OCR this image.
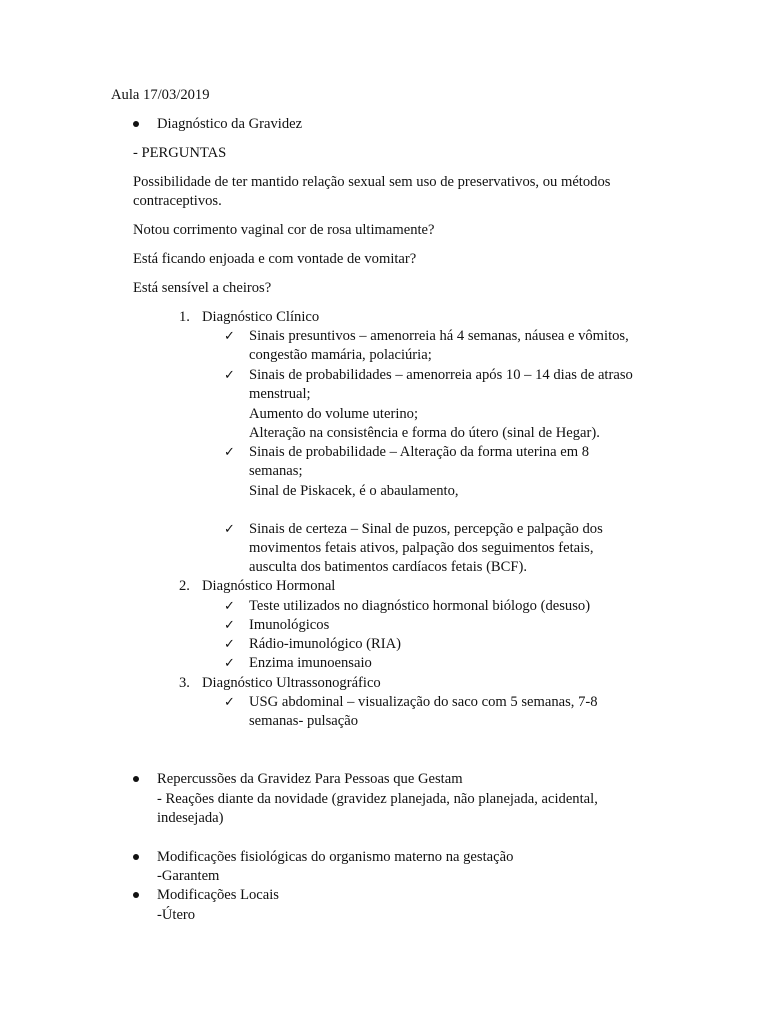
Aula 17/03/2019
Diagnóstico da Gravidez
- PERGUNTAS
Possibilidade de ter mantido relação sexual sem uso de preservativos, ou métodos
contraceptivos.
Notou corrimento vaginal cor de rosa ultimamente?
Está ficando enjoada e com vontade de vomitar?
Está sensível a cheiros?
1. Diagnóstico Clínico
✓ Sinais presuntivos – amenorreia há 4 semanas, náusea e vômitos,
congestão mamária, polaciúria;
✓ Sinais de probabilidades – amenorreia após 10 – 14 dias de atraso
menstrual;
Aumento do volume uterino;
Alteração na consistência e forma do útero (sinal de Hegar).
✓ Sinais de probabilidade – Alteração da forma uterina em 8
semanas;
Sinal de Piskacek, é o abaulamento,
✓ Sinais de certeza – Sinal de puzos, percepção e palpação dos
movimentos fetais ativos, palpação dos seguimentos fetais,
ausculta dos batimentos cardíacos fetais (BCF).
2. Diagnóstico Hormonal
✓ Teste utilizados no diagnóstico hormonal biólogo (desuso)
✓ Imunológicos
✓ Rádio-imunológico (RIA)
✓ Enzima imunoensaio
3. Diagnóstico Ultrassonográfico
✓ USG abdominal – visualização do saco com 5 semanas, 7-8
semanas- pulsação
Repercussões da Gravidez Para Pessoas que Gestam
- Reações diante da novidade (gravidez planejada, não planejada, acidental,
indesejada)
Modificações fisiológicas do organismo materno na gestação
-Garantem
Modificações Locais
-Útero
